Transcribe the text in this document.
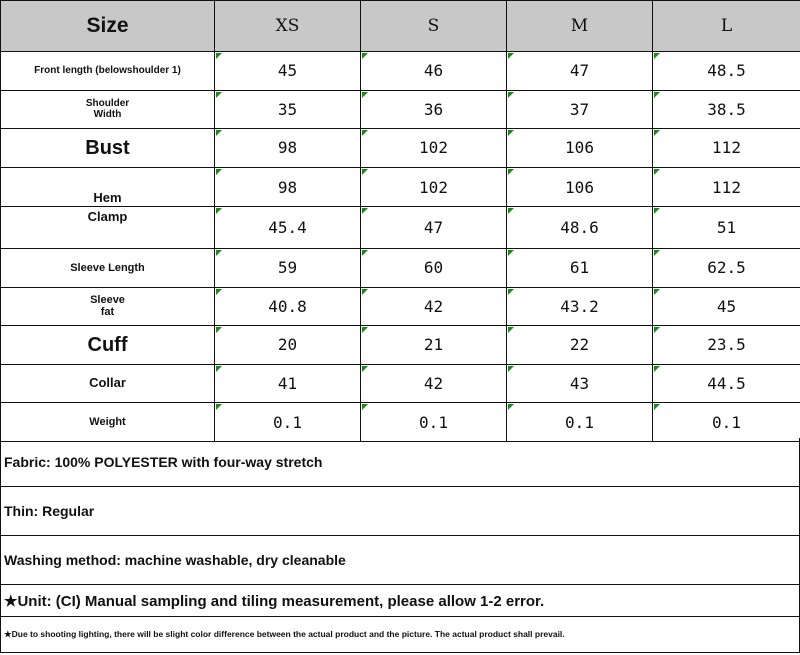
Size	XS	S	M	L
Front length (belowshoulder 1)	45	46	47	48.5
Shoulder
Width	35	36	37	38.5
Bust	98	102	106	112
Hem	98	102	106	112
Clamp	45.4	47	48.6	51
Sleeve Length	59	60	61	62.5
Sleeve
fat	40.8	42	43.2	45
Cuff	20	21	22	23.5
Collar	41	42	43	44.5
Weight	0.1	0.1	0.1	0.1
Fabric: 100% POLYESTER with four-way stretch
Thin: Regular
Washing method: machine washable, dry cleanable
★Unit: (CI) Manual sampling and tiling measurement, please allow 1-2 error.
★Due to shooting lighting, there will be slight color difference between the actual product and the picture. The actual product shall prevail.
